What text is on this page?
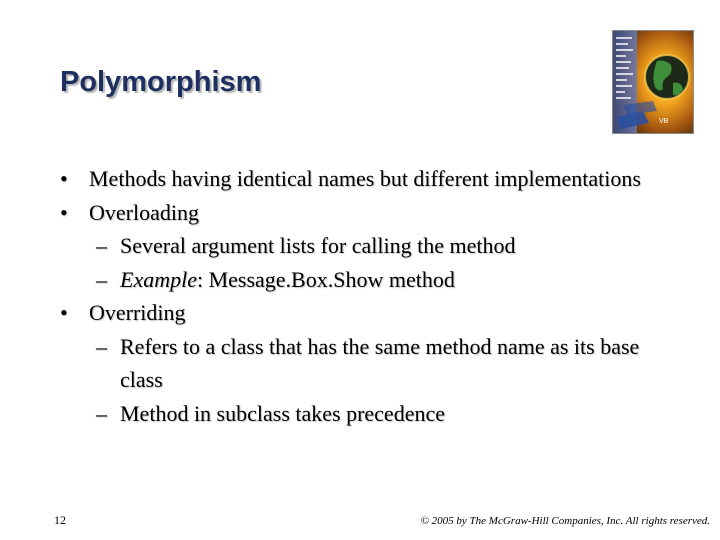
Polymorphism
VB
• Methods having identical names but different implementations
• Overloading
– Several argument lists for calling the method
– Example: Message.Box.Show method
• Overriding
– Refers to a class that has the same method name as its base class
– Method in subclass takes precedence
12	© 2005 by The McGraw-Hill Companies, Inc. All rights reserved.
